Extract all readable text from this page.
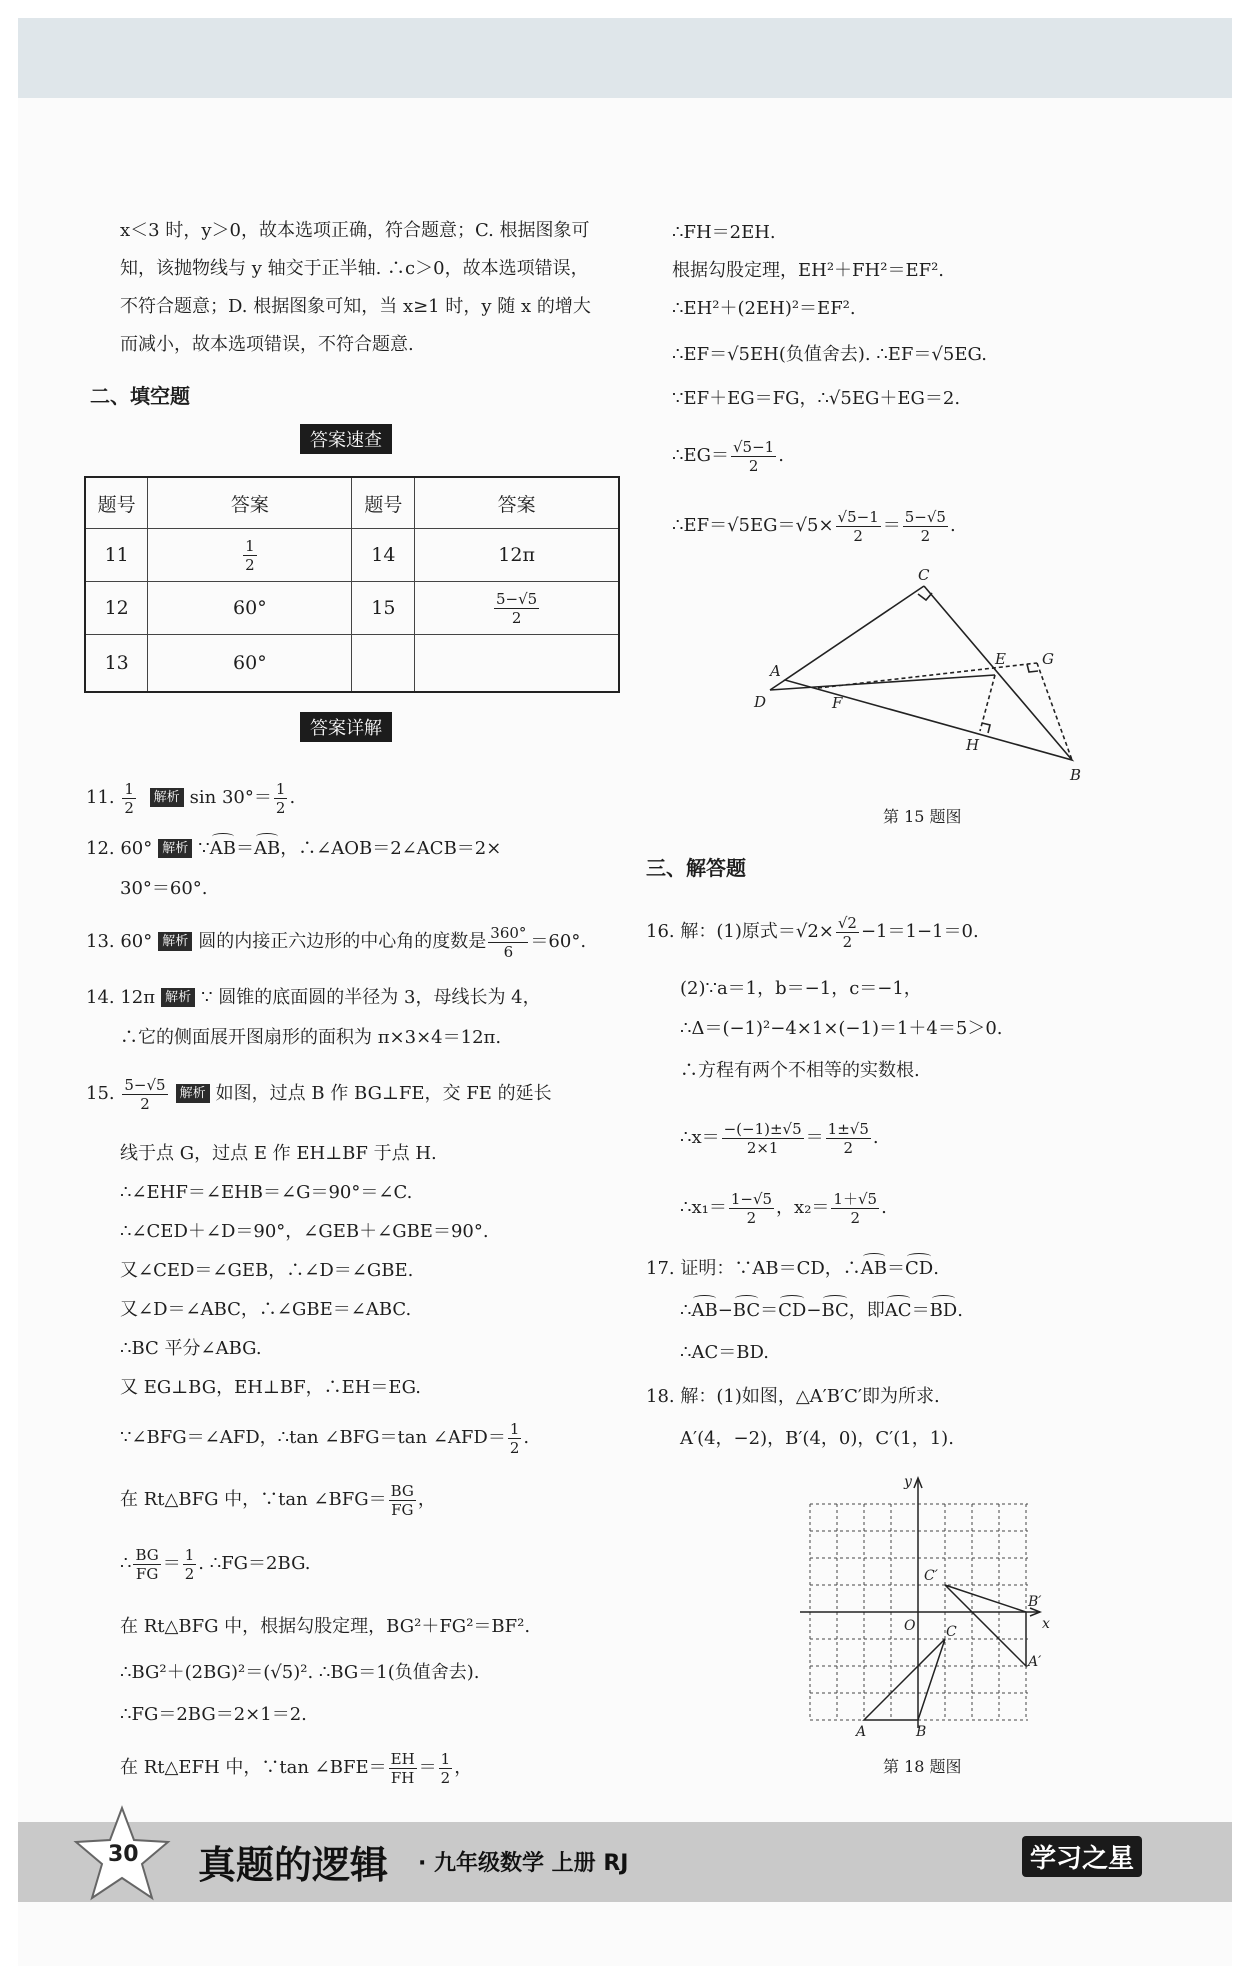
x＜3 时，y＞0，故本选项正确，符合题意；C. 根据图象可
知，该抛物线与 y 轴交于正半轴. ∴c＞0，故本选项错误，
不符合题意；D. 根据图象可知，当 x≥1 时，y 随 x 的增大
而减小，故本选项错误，不符合题意.
二、填空题
答案速查
题号	答案	题号	答案
11	$\frac{1}{2}$	14	12π
12	60°	15	$\frac{5-√5}{2}$

13	60°		
答案详解
11. $\frac{1}{2}$ 解析 $\sin 30^\circ= \frac{1}{2}$ .
12. 60° 解析 ∵AB＝AB，∴∠AOB＝2∠ACB＝2×
30°＝60°.
13. 60° 解析 圆的内接正六边形的中心角的度数是 $\frac{360^\circ}{6} =60^\circ$.
14. 12π 解析 ∵ 圆锥的底面圆的半径为 3，母线长为 4，
∴它的侧面展开图扇形的面积为 π×3×4＝12π.
15. $\frac{5-√5}{2}$ 解析 如图，过点 B 作 BG⊥FE，交 FE 的延长
线于点 G，过点 E 作 EH⊥BF 于点 H.
∴∠EHF＝∠EHB＝∠G＝90°＝∠C.
∴∠CED＋∠D＝90°，∠GEB＋∠GBE＝90°.
又∠CED＝∠GEB，∴∠D＝∠GBE.
又∠D＝∠ABC，∴∠GBE＝∠ABC.
∴BC 平分∠ABG.
又 EG⊥BG，EH⊥BF，∴EH＝EG.
∵∠BFG＝∠AFD，∴tan ∠BFG＝tan ∠AFD＝ $\frac{1}{2}$ .
在 Rt△BFG 中，∵tan ∠BFG＝ $\frac{BG}{FG}$ ，
∴ $\frac{BG}{FG} = \frac{1}{2}$ . ∴FG＝2BG.
在 Rt△BFG 中，根据勾股定理，BG²＋FG²＝BF².
∴BG²＋(2BG)²＝(√5)². ∴BG＝1(负值舍去).
∴FG＝2BG＝2×1＝2.
在 Rt△EFH 中，∵tan ∠BFE＝ $\frac{EH}{FH} = \frac{1}{2}$ ，
∴FH＝2EH.
根据勾股定理，EH²＋FH²＝EF².
∴EH²＋(2EH)²＝EF².
∴EF＝√5EH(负值舍去). ∴EF＝√5EG.
∵EF＋EG＝FG，∴√5EG＋EG＝2.
∴EG＝ $\frac{√5-1}{2}$ .
∴EF＝√5EG＝√5× $\frac{√5-1}{2} = \frac{5-√5}{2}$ .
C
A
E G
D	F
H
B
第 15 题图
三、解答题
16. 解：(1)原式$=√2\times \frac{√2}{2} -1=1-1=0$.
(2)∵a＝1，b＝−1，c＝−1，
∴Δ＝(−1)²−4×1×(−1)＝1＋4＝5＞0.
∴方程有两个不相等的实数根.
∴x＝ $\frac{-(-1)\pm√5}{2\times 1} = \frac{1\pm√5}{2}$ .
∴x₁＝ $\frac{1-√5}{2}$ ，$x_2= \frac{1+√5}{2}$ .
17. 证明：∵AB＝CD，∴AB＝CD.
∴AB−BC＝CD−BC，即AC＝BD.
∴AC＝BD.
18. 解：(1)如图，△A′B′C′即为所求.
A′(4，−2)，B′(4，0)，C′(1，1).
y
x
O
C′
B′
C
A′
A	B
第 18 题图
30 真题的逻辑 · 九年级数学 上册 RJ	学习之星
